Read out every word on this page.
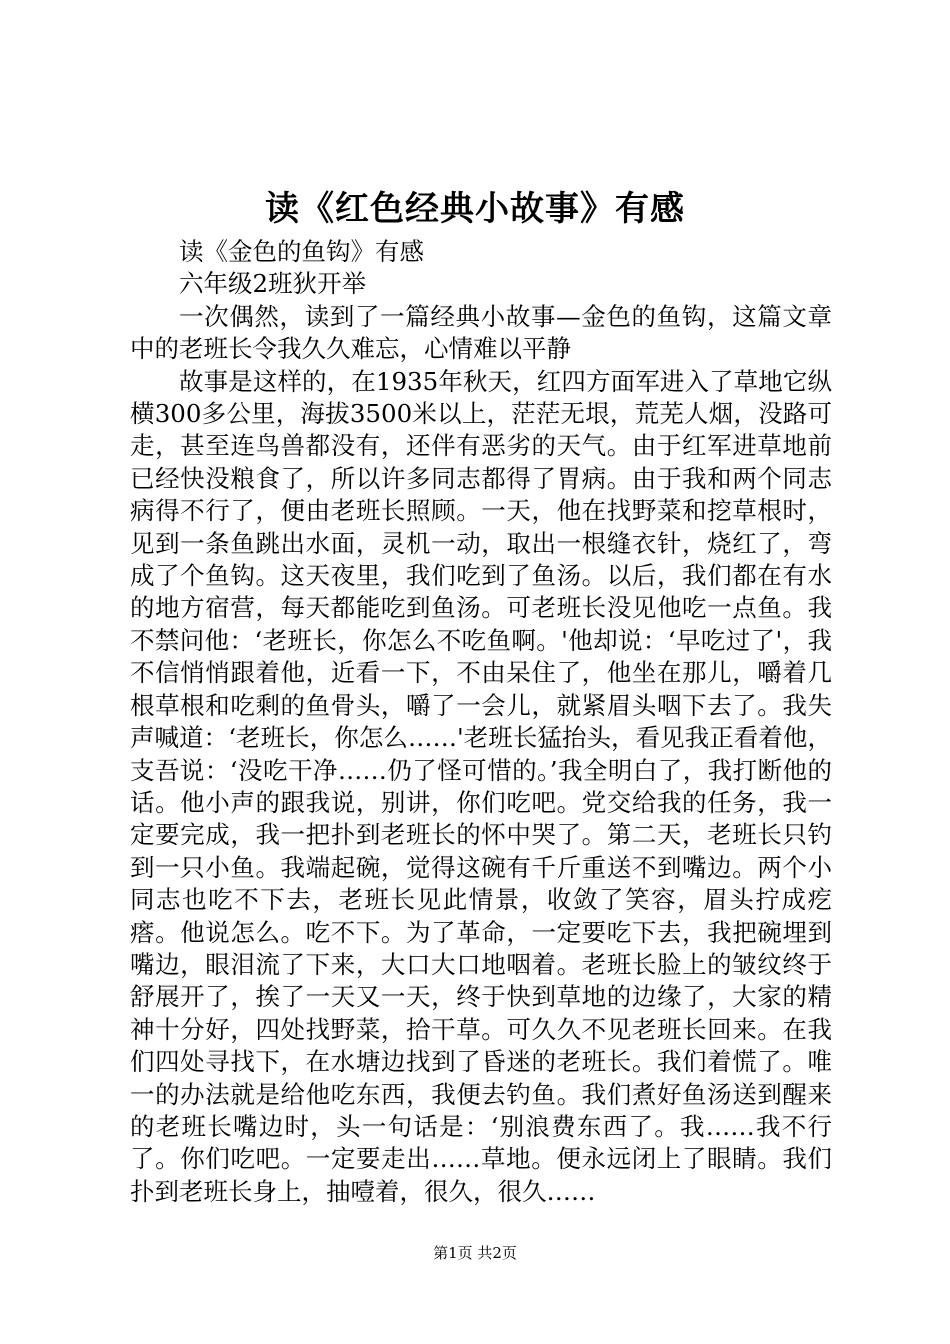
读《红色经典小故事》有感

读《金色的鱼钩》有感

六年级2班狄开举

一次偶然，读到了一篇经典小故事—金色的鱼钩，这篇文章中的老班长令我久久难忘，心情难以平静

故事是这样的，在1935年秋天，红四方面军进入了草地它纵横300多公里，海拔3500米以上，茫茫无垠，荒芜人烟，没路可走，甚至连鸟兽都没有，还伴有恶劣的天气。由于红军进草地前已经快没粮食了，所以许多同志都得了胃病。由于我和两个同志病得不行了，便由老班长照顾。一天，他在找野菜和挖草根时，见到一条鱼跳出水面，灵机一动，取出一根缝衣针，烧红了，弯成了个鱼钩。这天夜里，我们吃到了鱼汤。以后，我们都在有水的地方宿营，每天都能吃到鱼汤。可老班长没见他吃一点鱼。我不禁问他：‘老班长，你怎么不吃鱼啊。'他却说：‘早吃过了'，我不信悄悄跟着他，近看一下，不由呆住了，他坐在那儿，嚼着几根草根和吃剩的鱼骨头，嚼了一会儿，就紧眉头咽下去了。我失声喊道：‘老班长，你怎么……'老班长猛抬头，看见我正看着他，支吾说：‘没吃干净……仍了怪可惜的。’我全明白了，我打断他的话。他小声的跟我说，别讲，你们吃吧。党交给我的任务，我一定要完成，我一把扑到老班长的怀中哭了。第二天，老班长只钓到一只小鱼。我端起碗，觉得这碗有千斤重送不到嘴边。两个小同志也吃不下去，老班长见此情景，收敛了笑容，眉头拧成疙瘩。他说怎么。吃不下。为了革命，一定要吃下去，我把碗埋到嘴边，眼泪流了下来，大口大口地咽着。老班长脸上的皱纹终于舒展开了，挨了一天又一天，终于快到草地的边缘了，大家的精神十分好，四处找野菜，拾干草。可久久不见老班长回来。在我们四处寻找下，在水塘边找到了昏迷的老班长。我们着慌了。唯一的办法就是给他吃东西，我便去钓鱼。我们煮好鱼汤送到醒来的老班长嘴边时，头一句话是：‘别浪费东西了。我……我不行了。你们吃吧。一定要走出……草地。便永远闭上了眼睛。我们扑到老班长身上，抽噎着，很久，很久……

第1页 共2页
